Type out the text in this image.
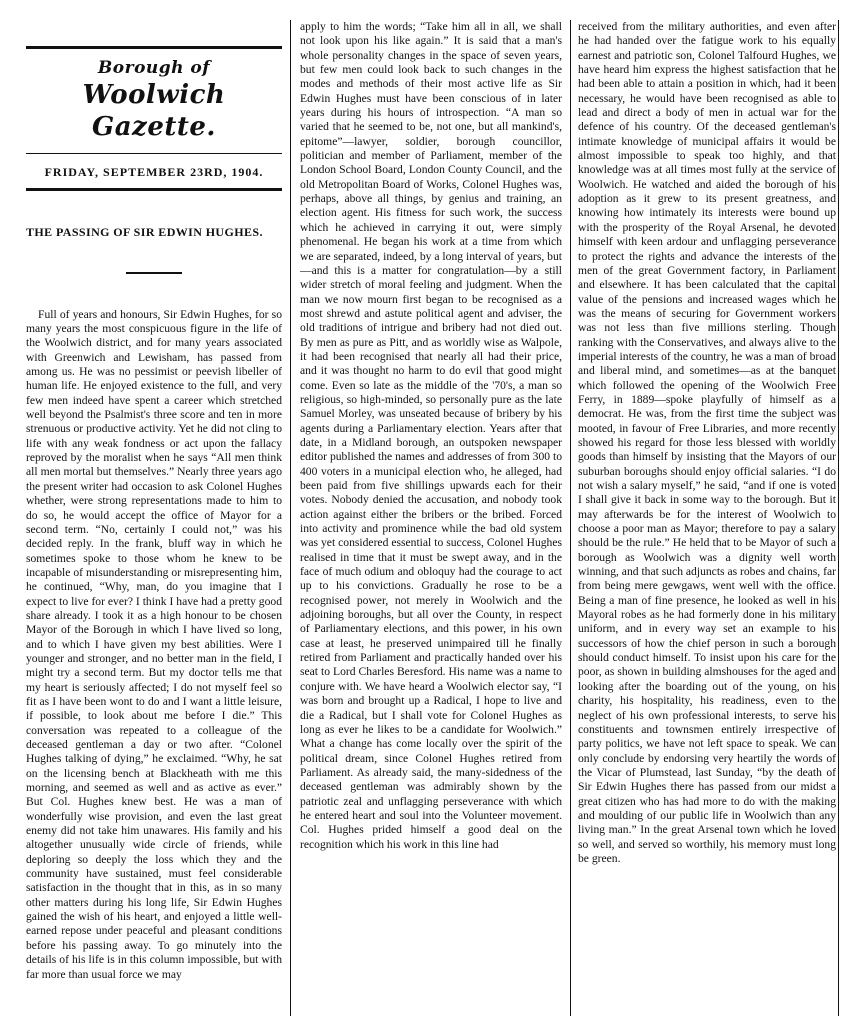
Borough of
Woolwich Gazette.
FRIDAY, SEPTEMBER 23RD, 1904.
THE PASSING OF SIR EDWIN HUGHES.

Full of years and honours, Sir Edwin Hughes, for so many years the most conspicuous figure in the life of the Woolwich district, and for many years associated with Greenwich and Lewisham, has passed from among us. He was no pessimist or peevish libeller of human life. He enjoyed existence to the full, and very few men indeed have spent a career which stretched well beyond the Psalmist's three score and ten in more strenuous or productive activity. Yet he did not cling to life with any weak fondness or act upon the fallacy reproved by the moralist when he says “All men think all men mortal but themselves.” Nearly three years ago the present writer had occasion to ask Colonel Hughes whether, were strong representations made to him to do so, he would accept the office of Mayor for a second term. “No, certainly I could not,” was his decided reply. In the frank, bluff way in which he sometimes spoke to those whom he knew to be incapable of misunderstanding or misrepresenting him, he continued, “Why, man, do you imagine that I expect to live for ever? I think I have had a pretty good share already. I took it as a high honour to be chosen Mayor of the Borough in which I have lived so long, and to which I have given my best abilities. Were I younger and stronger, and no better man in the field, I might try a second term. But my doctor tells me that my heart is seriously affected; I do not myself feel so fit as I have been wont to do and I want a little leisure, if possible, to look about me before I die.” This conversation was repeated to a colleague of the deceased gentleman a day or two after. “Colonel Hughes talking of dying,” he exclaimed. “Why, he sat on the licensing bench at Blackheath with me this morning, and seemed as well and as active as ever.” But Col. Hughes knew best. He was a man of wonderfully wise provision, and even the last great enemy did not take him unawares. His family and his altogether unusually wide circle of friends, while deploring so deeply the loss which they and the community have sustained, must feel considerable satisfaction in the thought that in this, as in so many other matters during his long life, Sir Edwin Hughes gained the wish of his heart, and enjoyed a little well-earned repose under peaceful and pleasant conditions before his passing away. To go minutely into the details of his life is in this column impossible, but with far more than usual force we may

apply to him the words; “Take him all in all, we shall not look upon his like again.” It is said that a man's whole personality changes in the space of seven years, but few men could look back to such changes in the modes and methods of their most active life as Sir Edwin Hughes must have been conscious of in later years during his hours of introspection. “A man so varied that he seemed to be, not one, but all mankind's, epitome”—lawyer, soldier, borough councillor, politician and member of Parliament, member of the London School Board, London County Council, and the old Metropolitan Board of Works, Colonel Hughes was, perhaps, above all things, by genius and training, an election agent. His fitness for such work, the success which he achieved in carrying it out, were simply phenomenal. He began his work at a time from which we are separated, indeed, by a long interval of years, but—and this is a matter for congratulation—by a still wider stretch of moral feeling and judgment. When the man we now mourn first began to be recognised as a most shrewd and astute political agent and adviser, the old traditions of intrigue and bribery had not died out. By men as pure as Pitt, and as worldly wise as Walpole, it had been recognised that nearly all had their price, and it was thought no harm to do evil that good might come. Even so late as the middle of the '70's, a man so religious, so high-minded, so personally pure as the late Samuel Morley, was unseated because of bribery by his agents during a Parliamentary election. Years after that date, in a Midland borough, an outspoken newspaper editor published the names and addresses of from 300 to 400 voters in a municipal election who, he alleged, had been paid from five shillings upwards each for their votes. Nobody denied the accusation, and nobody took action against either the bribers or the bribed. Forced into activity and prominence while the bad old system was yet considered essential to success, Colonel Hughes realised in time that it must be swept away, and in the face of much odium and obloquy had the courage to act up to his convictions. Gradually he rose to be a recognised power, not merely in Woolwich and the adjoining boroughs, but all over the County, in respect of Parliamentary elections, and this power, in his own case at least, he preserved unimpaired till he finally retired from Parliament and practically handed over his seat to Lord Charles Beresford. His name was a name to conjure with. We have heard a Woolwich elector say, “I was born and brought up a Radical, I hope to live and die a Radical, but I shall vote for Colonel Hughes as long as ever he likes to be a candidate for Woolwich.” What a change has come locally over the spirit of the political dream, since Colonel Hughes retired from Parliament. As already said, the many-sidedness of the deceased gentleman was admirably shown by the patriotic zeal and unflagging perseverance with which he entered heart and soul into the Volunteer movement. Col. Hughes prided himself a good deal on the recognition which his work in this line had

received from the military authorities, and even after he had handed over the fatigue work to his equally earnest and patriotic son, Colonel Talfourd Hughes, we have heard him express the highest satisfaction that he had been able to attain a position in which, had it been necessary, he would have been recognised as able to lead and direct a body of men in actual war for the defence of his country. Of the deceased gentleman's intimate knowledge of municipal affairs it would be almost impossible to speak too highly, and that knowledge was at all times most fully at the service of Woolwich. He watched and aided the borough of his adoption as it grew to its present greatness, and knowing how intimately its interests were bound up with the prosperity of the Royal Arsenal, he devoted himself with keen ardour and unflagging perseverance to protect the rights and advance the interests of the men of the great Government factory, in Parliament and elsewhere. It has been calculated that the capital value of the pensions and increased wages which he was the means of securing for Government workers was not less than five millions sterling. Though ranking with the Conservatives, and always alive to the imperial interests of the country, he was a man of broad and liberal mind, and sometimes—as at the banquet which followed the opening of the Woolwich Free Ferry, in 1889—spoke playfully of himself as a democrat. He was, from the first time the subject was mooted, in favour of Free Libraries, and more recently showed his regard for those less blessed with worldly goods than himself by insisting that the Mayors of our suburban boroughs should enjoy official salaries. “I do not wish a salary myself,” he said, “and if one is voted I shall give it back in some way to the borough. But it may afterwards be for the interest of Woolwich to choose a poor man as Mayor; therefore to pay a salary should be the rule.” He held that to be Mayor of such a borough as Woolwich was a dignity well worth winning, and that such adjuncts as robes and chains, far from being mere gewgaws, went well with the office. Being a man of fine presence, he looked as well in his Mayoral robes as he had formerly done in his military uniform, and in every way set an example to his successors of how the chief person in such a borough should conduct himself. To insist upon his care for the poor, as shown in building almshouses for the aged and looking after the boarding out of the young, on his charity, his hospitality, his readiness, even to the neglect of his own professional interests, to serve his constituents and townsmen entirely irrespective of party politics, we have not left space to speak. We can only conclude by endorsing very heartily the words of the Vicar of Plumstead, last Sunday, “by the death of Sir Edwin Hughes there has passed from our midst a great citizen who has had more to do with the making and moulding of our public life in Woolwich than any living man.” In the great Arsenal town which he loved so well, and served so worthily, his memory must long be green.
